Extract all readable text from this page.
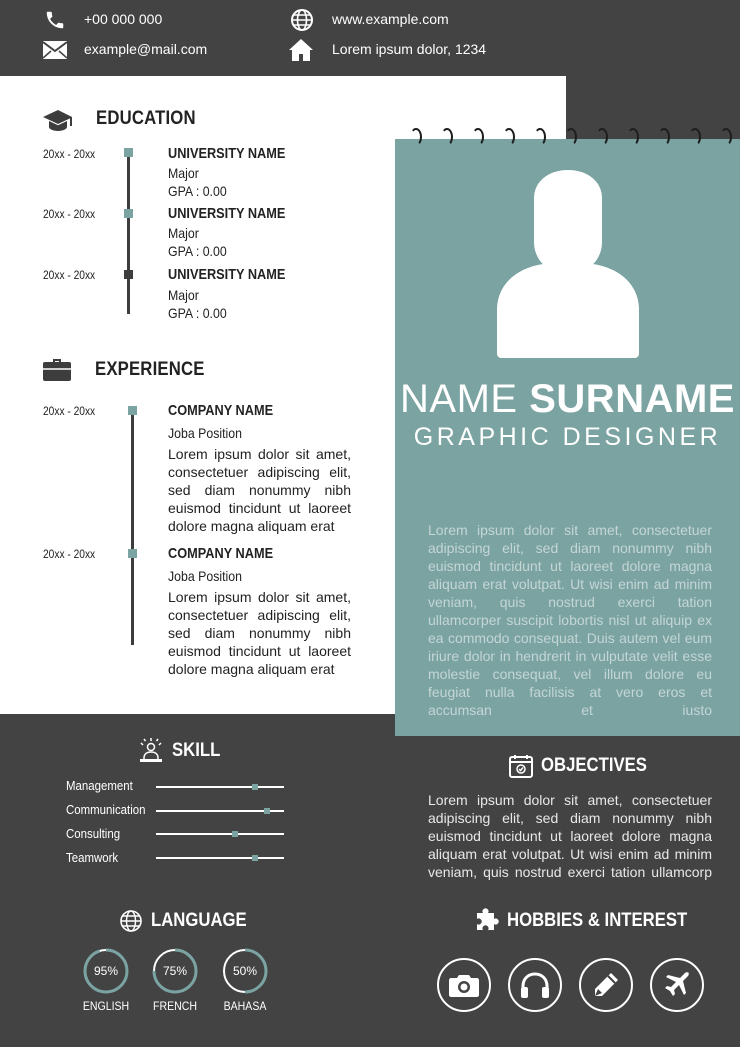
+00 000 000
example@mail.com
www.example.com
Lorem ipsum dolor, 1234
EDUCATION
20xx - 20xx	UNIVERSITY NAME
Major
GPA : 0.00
20xx - 20xx	UNIVERSITY NAME
Major
GPA : 0.00
20xx - 20xx	UNIVERSITY NAME
Major
GPA : 0.00
EXPERIENCE
20xx - 20xx	COMPANY NAME
Joba Position
Lorem ipsum dolor sit amet, consectetuer adipiscing elit, sed diam nonummy nibh euismod tincidunt ut laoreet dolore magna aliquam erat
20xx - 20xx	COMPANY NAME
Joba Position
Lorem ipsum dolor sit amet, consectetuer adipiscing elit, sed diam nonummy nibh euismod tincidunt ut laoreet dolore magna aliquam erat
NAME SURNAME
GRAPHIC DESIGNER
Lorem ipsum dolor sit amet, consectetuer adipiscing elit, sed diam nonummy nibh euismod tincidunt ut laoreet dolore magna aliquam erat volutpat. Ut wisi enim ad minim veniam, quis nostrud exerci tation ullamcorper suscipit lobortis nisl ut aliquip ex ea commodo consequat. Duis autem vel eum iriure dolor in hendrerit in vulputate velit esse molestie consequat, vel illum dolore eu feugiat nulla facilisis at vero eros et accumsan et iusto
SKILL
Management
Communication
Consulting
Teamwork
OBJECTIVES
Lorem ipsum dolor sit amet, consectetuer adipiscing elit, sed diam nonummy nibh euismod tincidunt ut laoreet dolore magna aliquam erat volutpat. Ut wisi enim ad minim veniam, quis nostrud exerci tation ullamcorp
LANGUAGE
95%
ENGLISH
75%
FRENCH
50%
BAHASA
HOBBIES & INTEREST
